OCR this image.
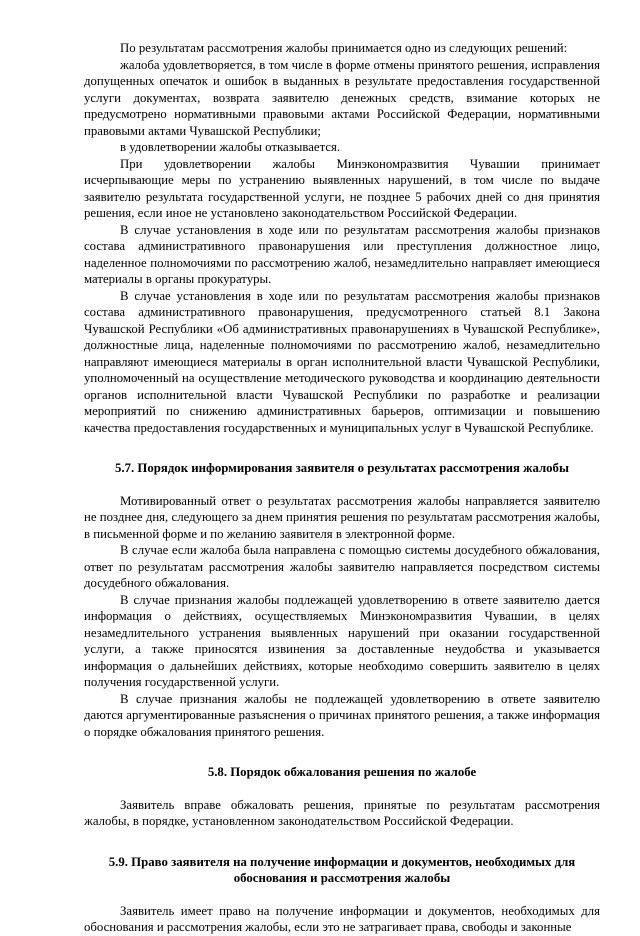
По результатам рассмотрения жалобы принимается одно из следующих решений:

жалоба удовлетворяется, в том числе в форме отмены принятого решения, исправления допущенных опечаток и ошибок в выданных в результате предоставления государственной услуги документах, возврата заявителю денежных средств, взимание которых не предусмотрено нормативными правовыми актами Российской Федерации, нормативными правовыми актами Чувашской Республики;

в удовлетворении жалобы отказывается.

При удовлетворении жалобы Минэкономразвития Чувашии принимает исчерпывающие меры по устранению выявленных нарушений, в том числе по выдаче заявителю результата государственной услуги, не позднее 5 рабочих дней со дня принятия решения, если иное не установлено законодательством Российской Федерации.

В случае установления в ходе или по результатам рассмотрения жалобы признаков состава административного правонарушения или преступления должностное лицо, наделенное полномочиями по рассмотрению жалоб, незамедлительно направляет имеющиеся материалы в органы прокуратуры.

В случае установления в ходе или по результатам рассмотрения жалобы признаков состава административного правонарушения, предусмотренного статьей 8.1 Закона Чувашской Республики «Об административных правонарушениях в Чувашской Республике», должностные лица, наделенные полномочиями по рассмотрению жалоб, незамедлительно направляют имеющиеся материалы в орган исполнительной власти Чувашской Республики, уполномоченный на осуществление методического руководства и координацию деятельности органов исполнительной власти Чувашской Республики по разработке и реализации мероприятий по снижению административных барьеров, оптимизации и повышению качества предоставления государственных и муниципальных услуг в Чувашской Республике.

5.7. Порядок информирования заявителя о результатах рассмотрения жалобы

Мотивированный ответ о результатах рассмотрения жалобы направляется заявителю не позднее дня, следующего за днем принятия решения по результатам рассмотрения жалобы, в письменной форме и по желанию заявителя в электронной форме.

В случае если жалоба была направлена с помощью системы досудебного обжалования, ответ по результатам рассмотрения жалобы заявителю направляется посредством системы досудебного обжалования.

В случае признания жалобы подлежащей удовлетворению в ответе заявителю дается информация о действиях, осуществляемых Минэкономразвития Чувашии, в целях незамедлительного устранения выявленных нарушений при оказании государственной услуги, а также приносятся извинения за доставленные неудобства и указывается информация о дальнейших действиях, которые необходимо совершить заявителю в целях получения государственной услуги.

В случае признания жалобы не подлежащей удовлетворению в ответе заявителю даются аргументированные разъяснения о причинах принятого решения, а также информация о порядке обжалования принятого решения.

5.8. Порядок обжалования решения по жалобе

Заявитель вправе обжаловать решения, принятые по результатам рассмотрения жалобы, в порядке, установленном законодательством Российской Федерации.

5.9. Право заявителя на получение информации и документов, необходимых для
обоснования и рассмотрения жалобы

Заявитель имеет право на получение информации и документов, необходимых для обоснования и рассмотрения жалобы, если это не затрагивает права, свободы и законные
